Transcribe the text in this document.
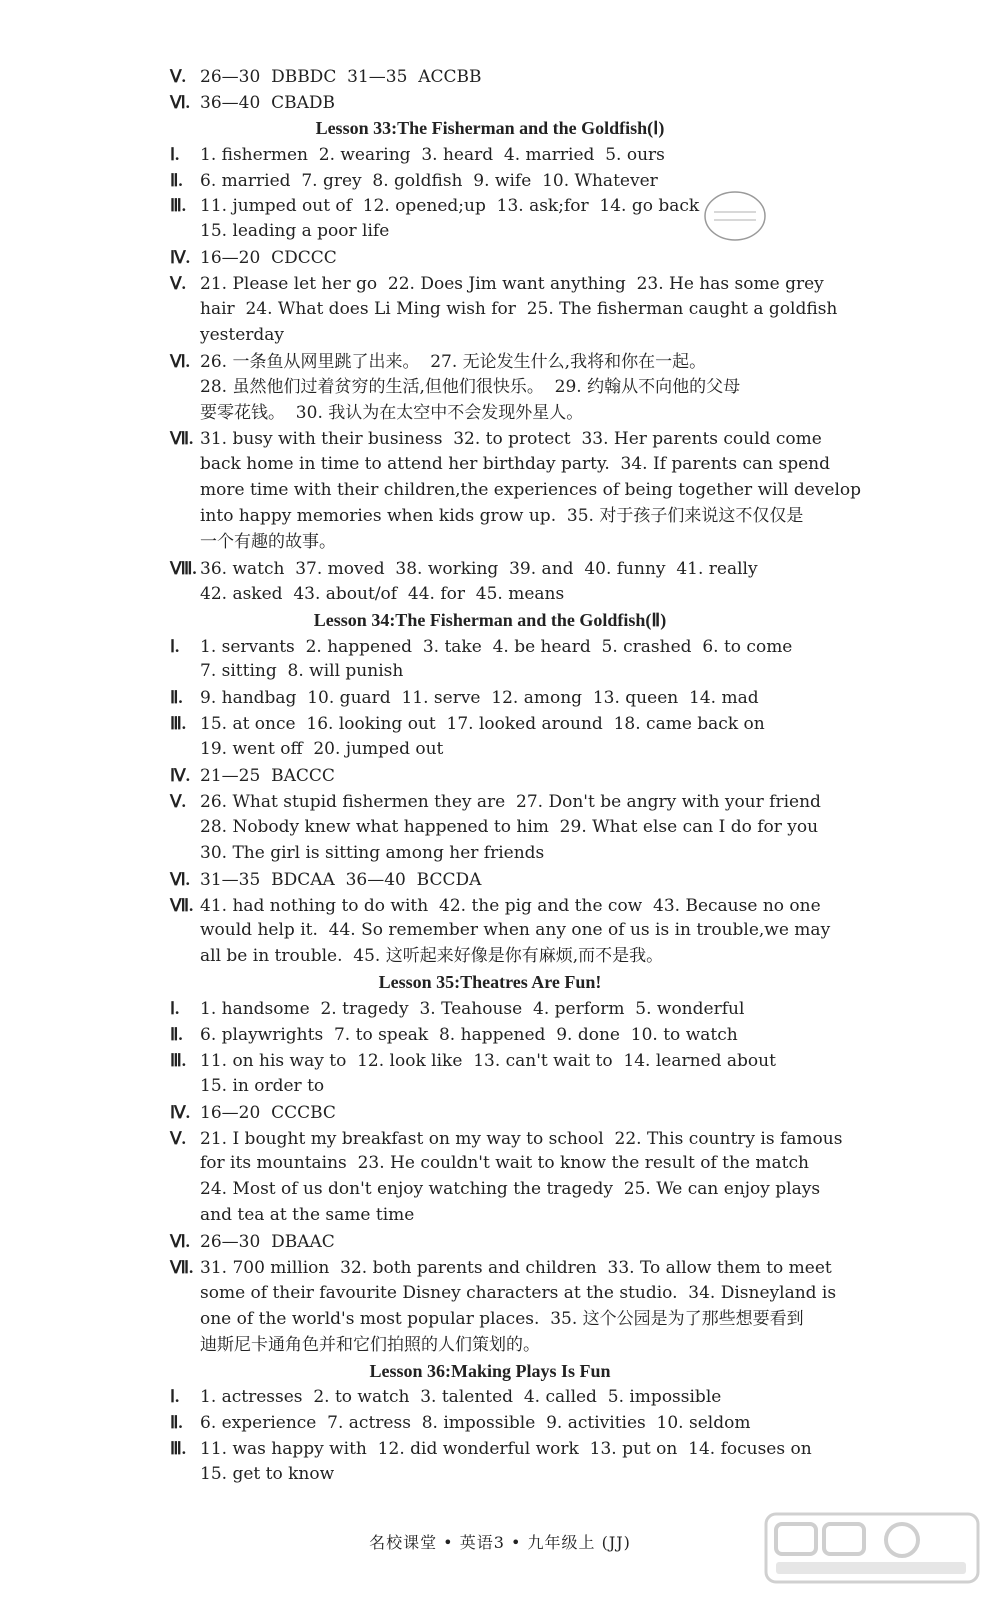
Ⅴ. 26—30  DBBDC  31—35  ACCBB
Ⅵ. 36—40  CBADB
Lesson 33:The Fisherman and the Goldfish(Ⅰ)
Ⅰ.	1. fishermen  2. wearing  3. heard  4. married  5. ours
Ⅱ.	6. married  7. grey  8. goldfish  9. wife  10. Whatever
Ⅲ. 11. jumped out of  12. opened;up  13. ask;for  14. go back
15. leading a poor life
Ⅳ. 16—20  CDCCC
Ⅴ. 21. Please let her go  22. Does Jim want anything  23. He has some grey
hair  24. What does Li Ming wish for  25. The fisherman caught a goldfish
yesterday
Ⅵ. 26. 一条鱼从网里跳了出来。  27. 无论发生什么,我将和你在一起。
28. 虽然他们过着贫穷的生活,但他们很快乐。  29. 约翰从不向他的父母
要零花钱。  30. 我认为在太空中不会发现外星人。
Ⅶ. 31. busy with their business  32. to protect  33. Her parents could come
back home in time to attend her birthday party.  34. If parents can spend
more time with their children,the experiences of being together will develop
into happy memories when kids grow up.  35. 对于孩子们来说这不仅仅是
一个有趣的故事。
Ⅷ. 36. watch  37. moved  38. working  39. and  40. funny  41. really
42. asked  43. about/of  44. for  45. means
Lesson 34:The Fisherman and the Goldfish(Ⅱ)
Ⅰ.	1. servants  2. happened  3. take  4. be heard  5. crashed  6. to come
7. sitting  8. will punish
Ⅱ.	9. handbag  10. guard  11. serve  12. among  13. queen  14. mad
Ⅲ. 15. at once  16. looking out  17. looked around  18. came back on
19. went off  20. jumped out
Ⅳ. 21—25  BACCC
Ⅴ. 26. What stupid fishermen they are  27. Don't be angry with your friend
28. Nobody knew what happened to him  29. What else can I do for you
30. The girl is sitting among her friends
Ⅵ. 31—35  BDCAA  36—40  BCCDA
Ⅶ. 41. had nothing to do with  42. the pig and the cow  43. Because no one
would help it.  44. So remember when any one of us is in trouble,we may
all be in trouble.  45. 这听起来好像是你有麻烦,而不是我。
Lesson 35:Theatres Are Fun!
Ⅰ.	1. handsome  2. tragedy  3. Teahouse  4. perform  5. wonderful
Ⅱ.	6. playwrights  7. to speak  8. happened  9. done  10. to watch
Ⅲ. 11. on his way to  12. look like  13. can't wait to  14. learned about
15. in order to
Ⅳ. 16—20  CCCBC
Ⅴ. 21. I bought my breakfast on my way to school  22. This country is famous
for its mountains  23. He couldn't wait to know the result of the match
24. Most of us don't enjoy watching the tragedy  25. We can enjoy plays
and tea at the same time
Ⅵ. 26—30  DBAAC
Ⅶ. 31. 700 million  32. both parents and children  33. To allow them to meet
some of their favourite Disney characters at the studio.  34. Disneyland is
one of the world's most popular places.  35. 这个公园是为了那些想要看到
迪斯尼卡通角色并和它们拍照的人们策划的。
Lesson 36:Making Plays Is Fun
Ⅰ.	1. actresses  2. to watch  3. talented  4. called  5. impossible
Ⅱ.	6. experience  7. actress  8. impossible  9. activities  10. seldom
Ⅲ. 11. was happy with  12. did wonderful work  13. put on  14. focuses on
15. get to know
名校课堂 • 英语3 • 九年级上 (JJ)
